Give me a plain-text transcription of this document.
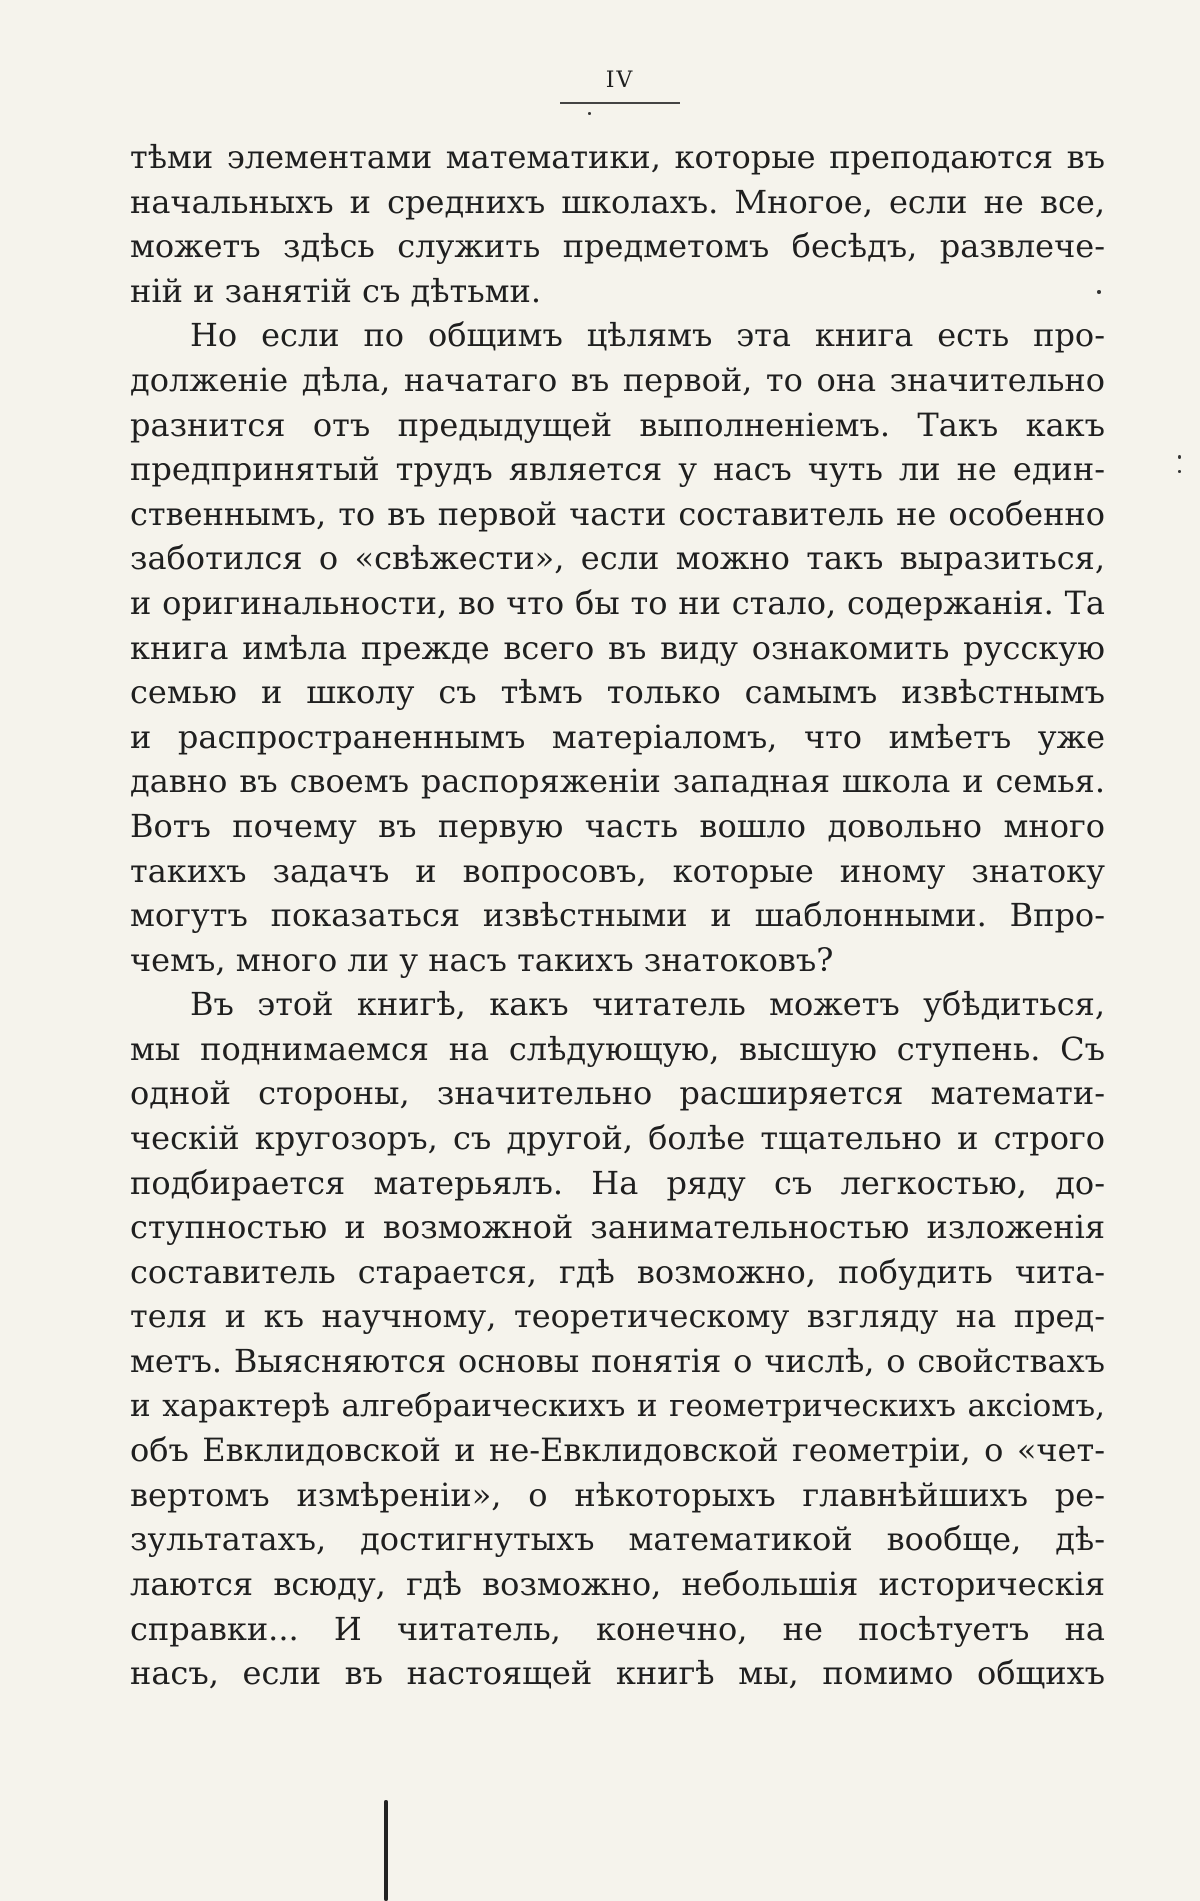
IV
тѣми элементами математики, которые преподаются въ
начальныхъ и среднихъ школахъ. Многое, если не все,
можетъ здѣсь служить предметомъ бесѣдъ, развлече-
ній и занятій съ дѣтьми.
Но если по общимъ цѣлямъ эта книга есть про-
долженіе дѣла, начатаго въ первой, то она значительно
разнится отъ предыдущей выполненіемъ. Такъ какъ
предпринятый трудъ является у насъ чуть ли не един-
ственнымъ, то въ первой части составитель не особенно
заботился о «свѣжести», если можно такъ выразиться,
и оригинальности, во что бы то ни стало, содержанія. Та
книга имѣла прежде всего въ виду ознакомить русскую
семью и школу съ тѣмъ только самымъ извѣстнымъ
и распространеннымъ матеріаломъ, что имѣетъ уже
давно въ своемъ распоряженіи западная школа и семья.
Вотъ почему въ первую часть вошло довольно много
такихъ задачъ и вопросовъ, которые иному знатоку
могутъ показаться извѣстными и шаблонными. Впро-
чемъ, много ли у насъ такихъ знатоковъ?
Въ этой книгѣ, какъ читатель можетъ убѣдиться,
мы поднимаемся на слѣдующую, высшую ступень. Съ
одной стороны, значительно расширяется математи-
ческій кругозоръ, съ другой, болѣе тщательно и строго
подбирается матерьялъ. На ряду съ легкостью, до-
ступностью и возможной занимательностью изложенія
составитель старается, гдѣ возможно, побудить чита-
теля и къ научному, теоретическому взгляду на пред-
метъ. Выясняются основы понятія о числѣ, о свойствахъ
и характерѣ алгебраическихъ и геометрическихъ аксіомъ,
объ Евклидовской и не-Евклидовской геометріи, о «чет-
вертомъ измѣреніи», о нѣкоторыхъ главнѣйшихъ ре-
зультатахъ, достигнутыхъ математикой вообще, дѣ-
лаются всюду, гдѣ возможно, небольшія историческія
справки... И читатель, конечно, не посѣтуетъ на
насъ, если въ настоящей книгѣ мы, помимо общихъ
